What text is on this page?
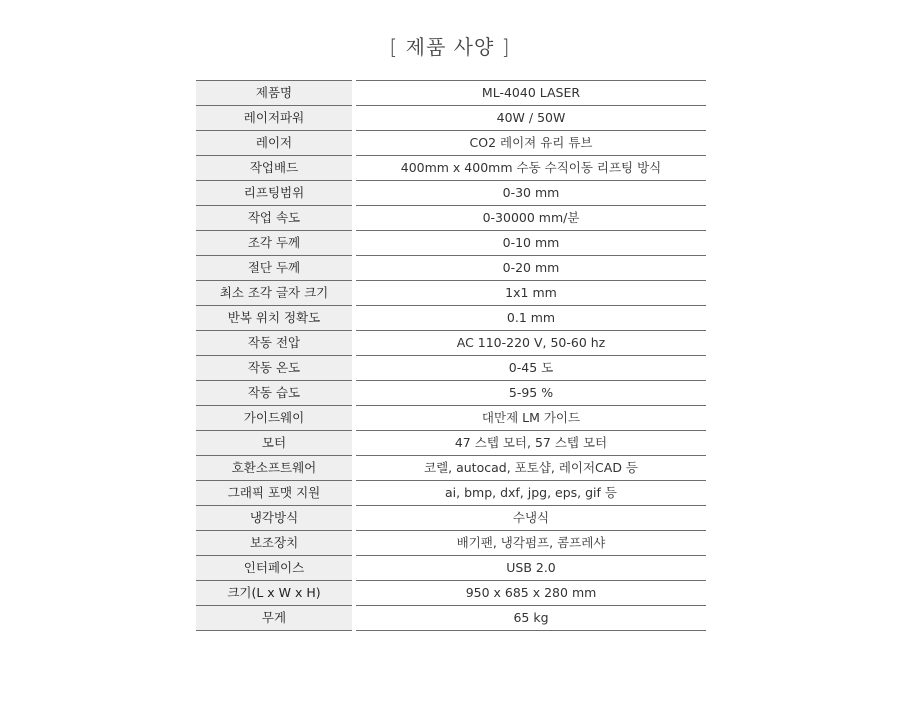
[ 제품 사양 ]
제품명	ML-4040 LASER
레이저파워	40W / 50W
레이저	CO2 레이져 유리 튜브
작업배드	400mm x 400mm 수동 수직이동 리프팅 방식
리프팅범위	0-30 mm
작업 속도	0-30000 mm/분
조각 두께	0-10 mm
절단 두께	0-20 mm
최소 조각 글자 크기	1x1 mm
반복 위치 정확도	0.1 mm
작동 전압	AC 110-220 V, 50-60 hz
작동 온도	0-45 도
작동 습도	5-95 %
가이드웨이	대만제 LM 가이드
모터	47 스텝 모터, 57 스텝 모터
호환소프트웨어	코렐, autocad, 포토샵, 레이저CAD 등
그래픽 포맷 지원	ai, bmp, dxf, jpg, eps, gif 등
냉각방식	수냉식
보조장치	배기팬, 냉각펌프, 콤프레샤
인터페이스	USB 2.0
크기(L x W x H)	950 x 685 x 280 mm
무게	65 kg
